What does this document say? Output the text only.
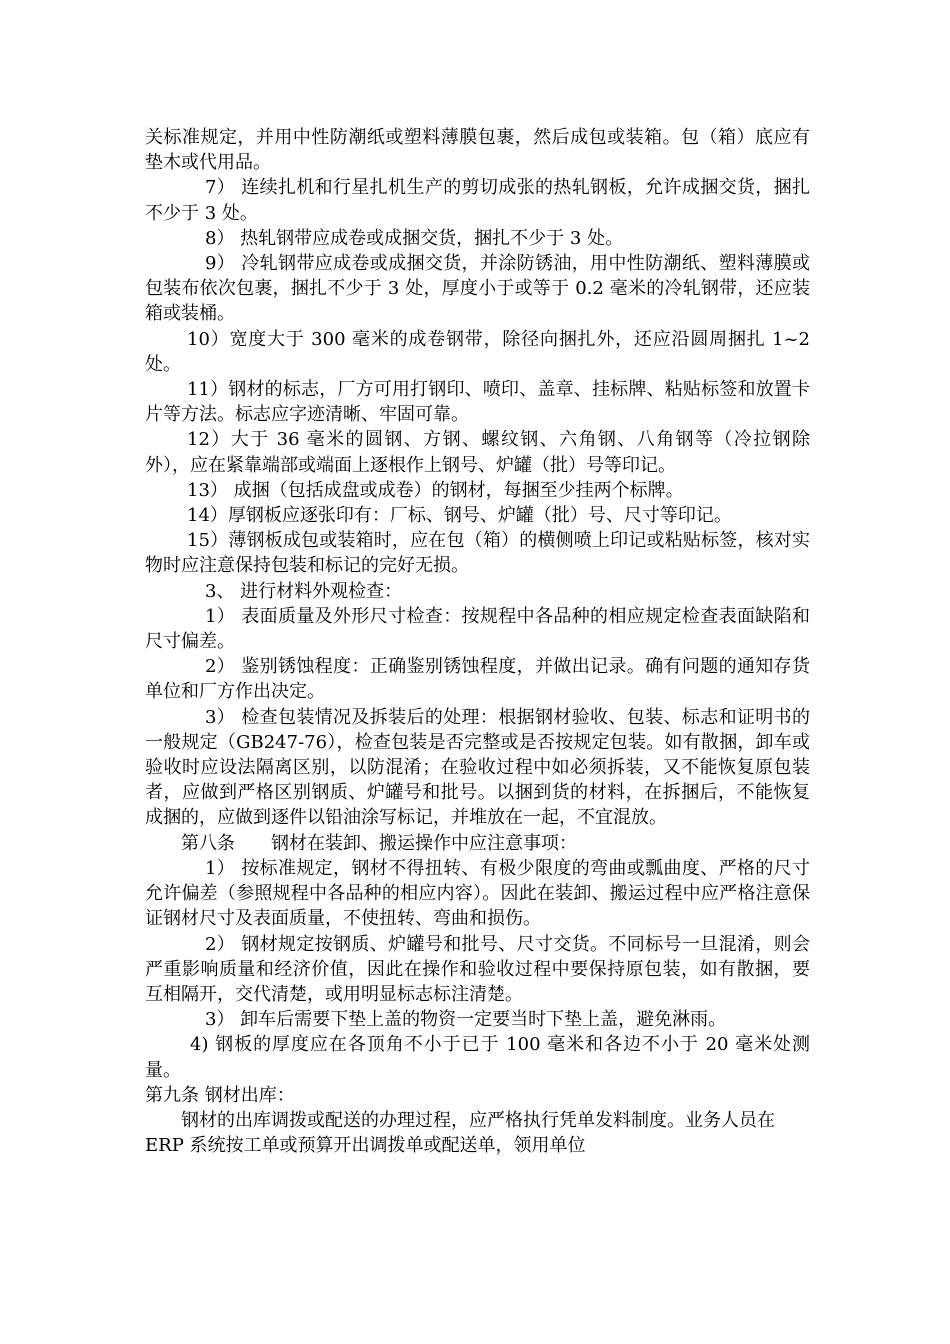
关标准规定，并用中性防潮纸或塑料薄膜包裹，然后成包或装箱。包（箱）底应有垫木或代用品。

7） 连续扎机和行星扎机生产的剪切成张的热轧钢板，允许成捆交货，捆扎不少于 3 处。

8） 热轧钢带应成卷或成捆交货，捆扎不少于 3 处。

9） 冷轧钢带应成卷或成捆交货，并涂防锈油，用中性防潮纸、塑料薄膜或包装布依次包裹，捆扎不少于 3 处，厚度小于或等于 0.2 毫米的冷轧钢带，还应装箱或装桶。

10）宽度大于 300 毫米的成卷钢带，除径向捆扎外，还应沿圆周捆扎 1~2 处。

11）钢材的标志，厂方可用打钢印、喷印、盖章、挂标牌、粘贴标签和放置卡片等方法。标志应字迹清晰、牢固可靠。

12）大于 36 毫米的圆钢、方钢、螺纹钢、六角钢、八角钢等（冷拉钢除外），应在紧靠端部或端面上逐根作上钢号、炉罐（批）号等印记。

13） 成捆（包括成盘或成卷）的钢材，每捆至少挂两个标牌。

14）厚钢板应逐张印有：厂标、钢号、炉罐（批）号、尺寸等印记。

15）薄钢板成包或装箱时，应在包（箱）的横侧喷上印记或粘贴标签，核对实物时应注意保持包装和标记的完好无损。

3、 进行材料外观检查：

1） 表面质量及外形尺寸检查：按规程中各品种的相应规定检查表面缺陷和尺寸偏差。

2） 鉴别锈蚀程度：正确鉴别锈蚀程度，并做出记录。确有问题的通知存货单位和厂方作出决定。

3） 检查包装情况及拆装后的处理：根据钢材验收、包装、标志和证明书的一般规定（GB247-76），检查包装是否完整或是否按规定包装。如有散捆，卸车或验收时应设法隔离区别，以防混淆；在验收过程中如必须拆装，又不能恢复原包装者，应做到严格区别钢质、炉罐号和批号。以捆到货的材料，在拆捆后，不能恢复成捆的，应做到逐件以铅油涂写标记，并堆放在一起，不宜混放。

第八条　　钢材在装卸、搬运操作中应注意事项：

1） 按标准规定，钢材不得扭转、有极少限度的弯曲或瓢曲度、严格的尺寸允许偏差（参照规程中各品种的相应内容）。因此在装卸、搬运过程中应严格注意保证钢材尺寸及表面质量，不使扭转、弯曲和损伤。

2） 钢材规定按钢质、炉罐号和批号、尺寸交货。不同标号一旦混淆，则会严重影响质量和经济价值，因此在操作和验收过程中要保持原包装，如有散捆，要互相隔开，交代清楚，或用明显标志标注清楚。

3） 卸车后需要下垫上盖的物资一定要当时下垫上盖，避免淋雨。

4) 钢板的厚度应在各顶角不小于已于 100 毫米和各边不小于 20 毫米处测量。

第九条 钢材出库：

钢材的出库调拨或配送的办理过程，应严格执行凭单发料制度。业务人员在 ERP 系统按工单或预算开出调拨单或配送单，领用单位
